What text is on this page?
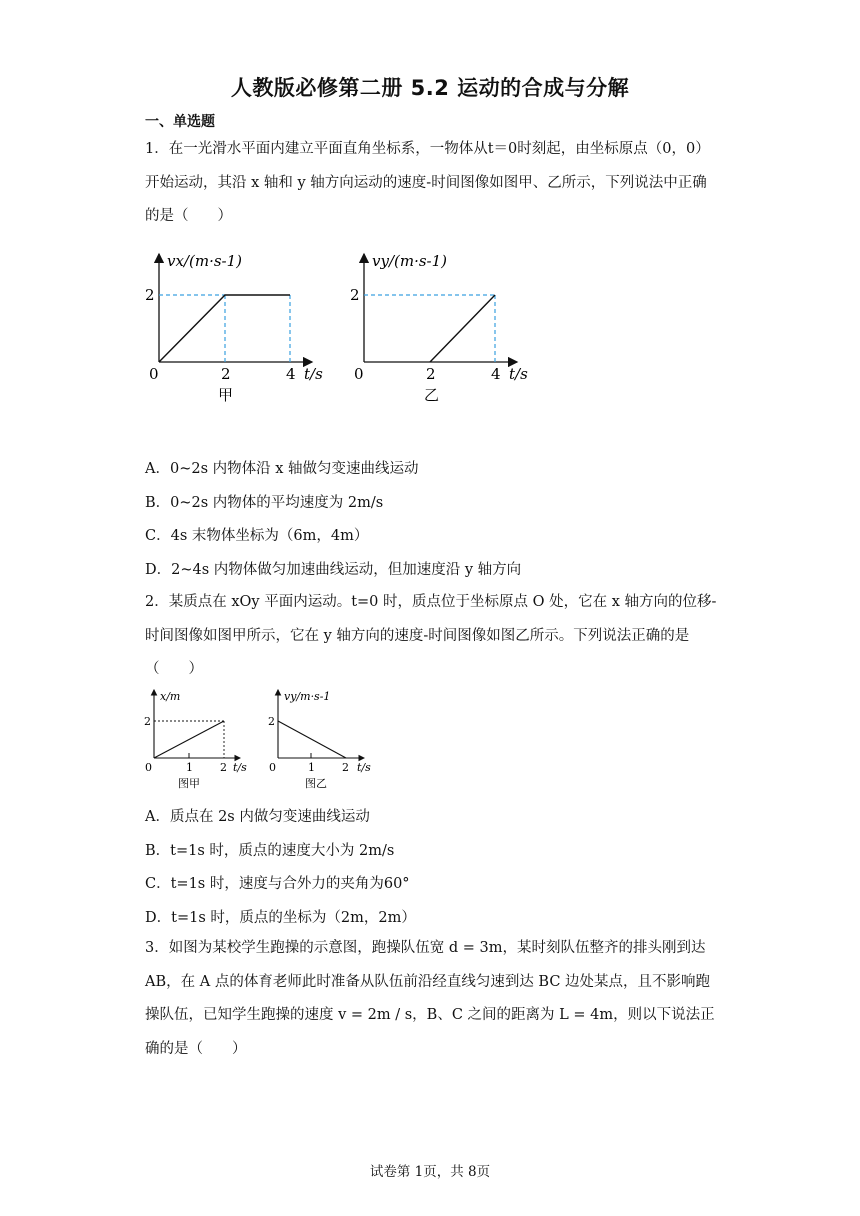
人教版必修第二册 5.2 运动的合成与分解
一、单选题

1．在一光滑水平面内建立平面直角坐标系，一物体从t＝0时刻起，由坐标原点（0，0）开始运动，其沿 x 轴和 y 轴方向运动的速度-时间图像如图甲、乙所示，下列说法中正确的是（　　）

vx/(m·s-1)
2
0	2	4 t/s
甲
vy/(m·s-1)
2
0	2	4 t/s
乙
A．0~2s 内物体沿 x 轴做匀变速曲线运动
B．0~2s 内物体的平均速度为 2m/s
C．4s 末物体坐标为（6m，4m）
D．2~4s 内物体做匀加速曲线运动，但加速度沿 y 轴方向

2．某质点在 xOy 平面内运动。t=0 时，质点位于坐标原点 O 处，它在 x 轴方向的位移-时间图像如图甲所示，它在 y 轴方向的速度-时间图像如图乙所示。下列说法正确的是（　　）

x/m
2
0	1 2 t/s
图甲
vy/m·s-1
2
0	1 2 t/s
图乙
A．质点在 2s 内做匀变速曲线运动
B．t=1s 时，质点的速度大小为 2m/s
C．t=1s 时，速度与合外力的夹角为60°
D．t=1s 时，质点的坐标为（2m，2m）

3．如图为某校学生跑操的示意图，跑操队伍宽 d = 3m，某时刻队伍整齐的排头刚到达 AB，在 A 点的体育老师此时准备从队伍前沿经直线匀速到达 BC 边处某点，且不影响跑操队伍，已知学生跑操的速度 v = 2m / s，B、C 之间的距离为 L = 4m，则以下说法正确的是（　　）

试卷第 1页，共 8页
